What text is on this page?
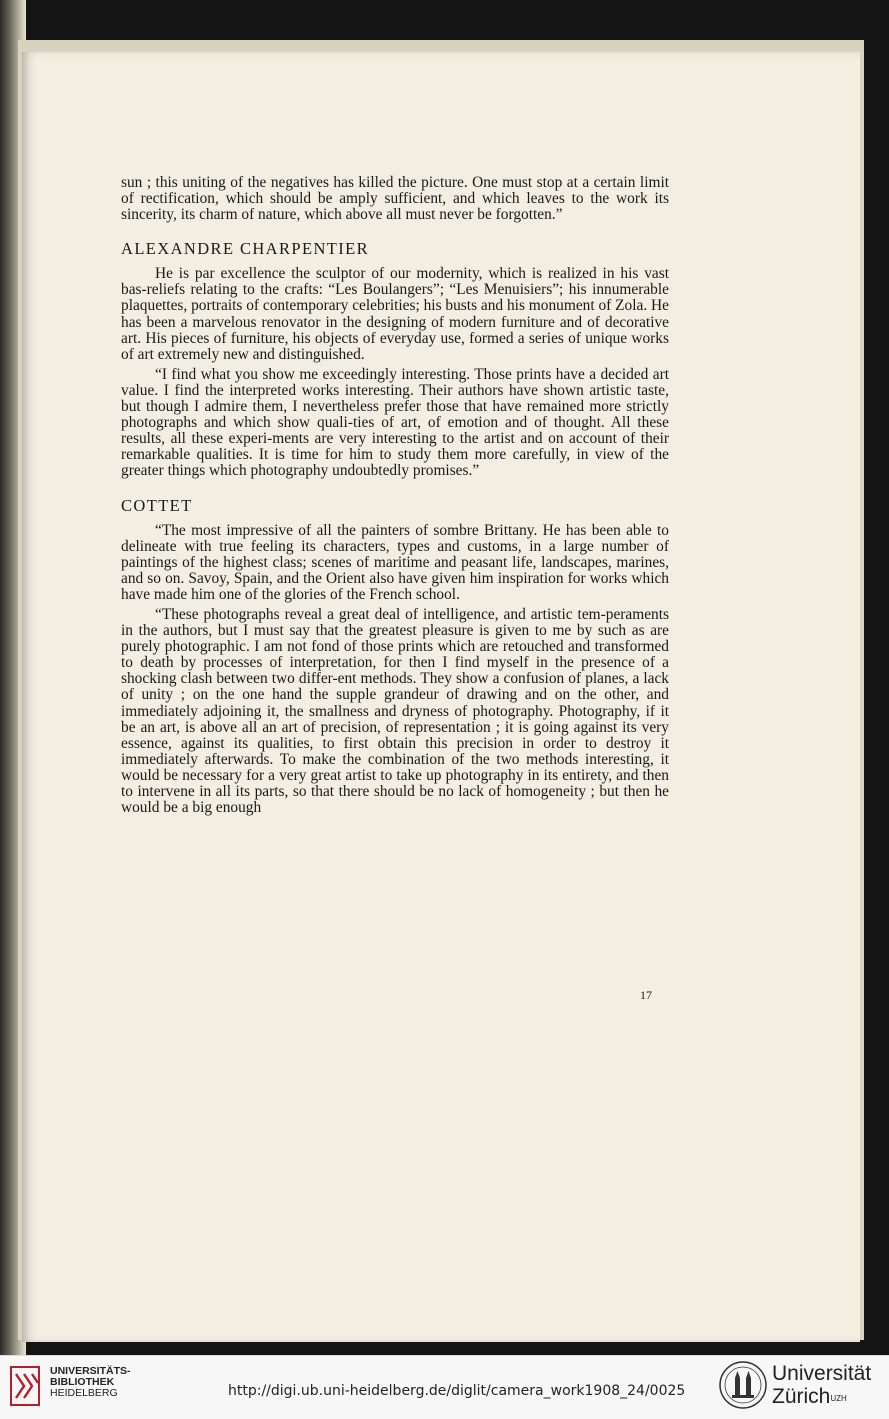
sun ; this uniting of the negatives has killed the picture. One must stop at a certain limit of rectification, which should be amply sufficient, and which leaves to the work its sincerity, its charm of nature, which above all must never be forgotten.”

ALEXANDRE CHARPENTIER

He is par excellence the sculptor of our modernity, which is realized in his vast bas-reliefs relating to the crafts: “Les Boulangers”; “Les Menuisiers”; his innumerable plaquettes, portraits of contemporary celebrities; his busts and his monument of Zola. He has been a marvelous renovator in the designing of modern furniture and of decorative art. His pieces of furniture, his objects of everyday use, formed a series of unique works of art extremely new and distinguished.

“I find what you show me exceedingly interesting. Those prints have a decided art value. I find the interpreted works interesting. Their authors have shown artistic taste, but though I admire them, I nevertheless prefer those that have remained more strictly photographs and which show quali-ties of art, of emotion and of thought. All these results, all these experi-ments are very interesting to the artist and on account of their remarkable qualities. It is time for him to study them more carefully, in view of the greater things which photography undoubtedly promises.”

COTTET

“The most impressive of all the painters of sombre Brittany. He has been able to delineate with true feeling its characters, types and customs, in a large number of paintings of the highest class; scenes of maritime and peasant life, landscapes, marines, and so on. Savoy, Spain, and the Orient also have given him inspiration for works which have made him one of the glories of the French school.

“These photographs reveal a great deal of intelligence, and artistic tem-peraments in the authors, but I must say that the greatest pleasure is given to me by such as are purely photographic. I am not fond of those prints which are retouched and transformed to death by processes of interpretation, for then I find myself in the presence of a shocking clash between two differ-ent methods. They show a confusion of planes, a lack of unity ; on the one hand the supple grandeur of drawing and on the other, and immediately adjoining it, the smallness and dryness of photography. Photography, if it be an art, is above all an art of precision, of representation ; it is going against its very essence, against its qualities, to first obtain this precision in order to destroy it immediately afterwards. To make the combination of the two methods interesting, it would be necessary for a very great artist to take up photography in its entirety, and then to intervene in all its parts, so that there should be no lack of homogeneity ; but then he would be a big enough

17
UNIVERSITÄTS-
BIBLIOTHEK
HEIDELBERG
Universität
Zürich$^{UZH}$
http://digi.ub.uni-heidelberg.de/diglit/camera_work1908_24/0025
